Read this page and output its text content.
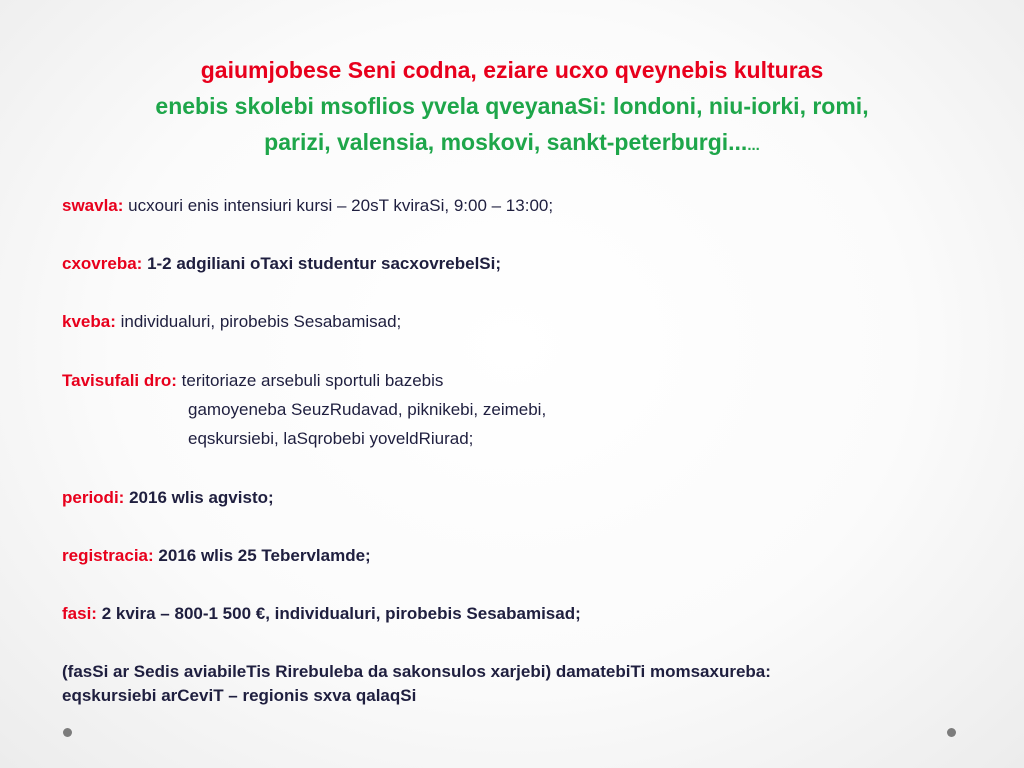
gaiumjobese Seni codna, eziare ucxo qveynebis kulturas
enebis skolebi msoflios yvela qveyanaSi: londoni, niu-iorki, romi,
parizi, valensia, moskovi, sankt-peterburgi......
swavla: ucxouri enis intensiuri kursi – 20sT kviraSi, 9:00 – 13:00;
cxovreba: 1-2 adgiliani oTaxi studentur sacxovrebelSi;
kveba: individualuri, pirobebis Sesabamisad;
Tavisufali dro: teritoriaze arsebuli sportuli bazebis
gamoyeneba SeuzRudavad, piknikebi, zeimebi,
eqskursiebi, laSqrobebi yoveldRiurad;
periodi: 2016 wlis agvisto;
registracia: 2016 wlis 25 Tebervlamde;
fasi: 2 kvira – 800-1 500 €, individualuri, pirobebis Sesabamisad;
(fasSi ar Sedis aviabileTis Rirebuleba da sakonsulos xarjebi) damatebiTi momsaxureba:
eqskursiebi arCeviT – regionis sxva qalaqSi
